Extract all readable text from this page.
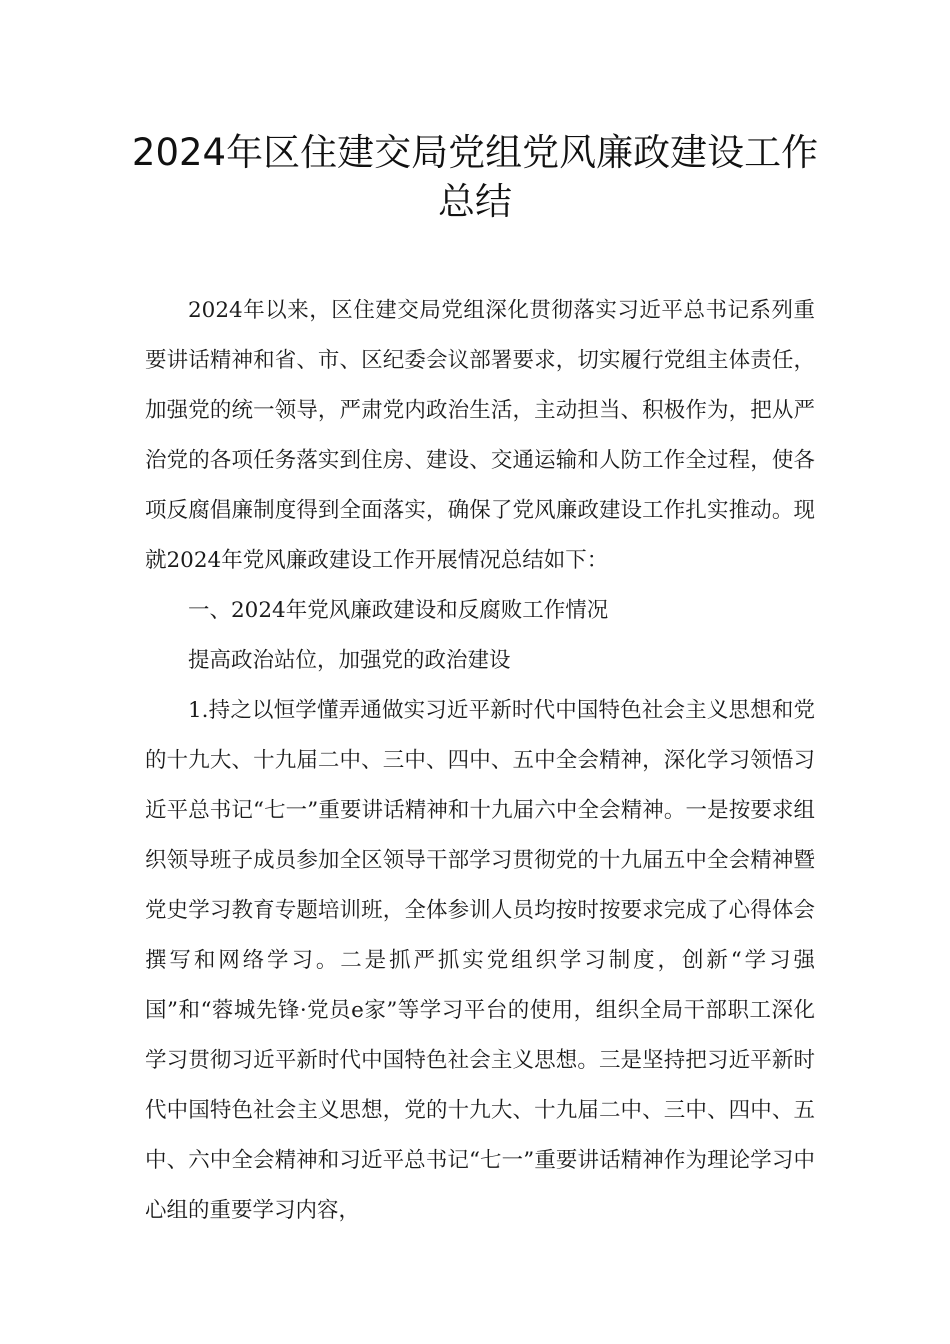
2024年区住建交局党组党风廉政建设工作总结

2024年以来，区住建交局党组深化贯彻落实习近平总书记系列重要讲话精神和省、市、区纪委会议部署要求，切实履行党组主体责任，加强党的统一领导，严肃党内政治生活，主动担当、积极作为，把从严治党的各项任务落实到住房、建设、交通运输和人防工作全过程，使各项反腐倡廉制度得到全面落实，确保了党风廉政建设工作扎实推动。现就2024年党风廉政建设工作开展情况总结如下：

一、2024年党风廉政建设和反腐败工作情况

提高政治站位，加强党的政治建设

1.持之以恒学懂弄通做实习近平新时代中国特色社会主义思想和党的十九大、十九届二中、三中、四中、五中全会精神，深化学习领悟习近平总书记“七一”重要讲话精神和十九届六中全会精神。一是按要求组织领导班子成员参加全区领导干部学习贯彻党的十九届五中全会精神暨党史学习教育专题培训班，全体参训人员均按时按要求完成了心得体会撰写和网络学习。二是抓严抓实党组织学习制度，创新“学习强国”和“蓉城先锋·党员e家”等学习平台的使用，组织全局干部职工深化学习贯彻习近平新时代中国特色社会主义思想。三是坚持把习近平新时代中国特色社会主义思想，党的十九大、十九届二中、三中、四中、五中、六中全会精神和习近平总书记“七一”重要讲话精神作为理论学习中心组的重要学习内容，
